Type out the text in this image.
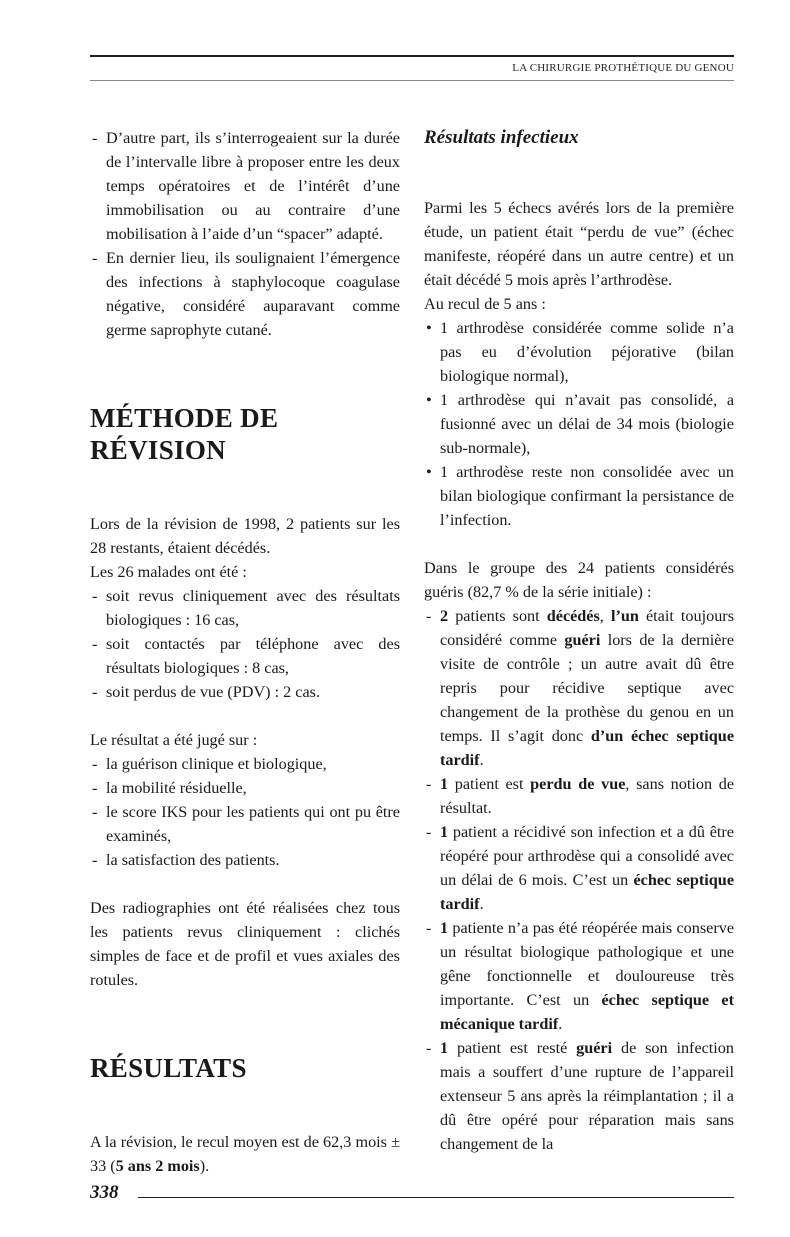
LA CHIRURGIE PROTHÉTIQUE DU GENOU
- D’autre part, ils s’interrogeaient sur la durée de l’intervalle libre à proposer entre les deux temps opératoires et de l’intérêt d’une immobilisation ou au contraire d’une mobilisation à l’aide d’un “spacer” adapté.
- En dernier lieu, ils soulignaient l’émergence des infections à staphylocoque coagulase négative, considéré auparavant comme germe saprophyte cutané.
MÉTHODE DE RÉVISION

Lors de la révision de 1998, 2 patients sur les 28 restants, étaient décédés.

Les 26 malades ont été :

- soit revus cliniquement avec des résultats biologiques : 16 cas,
- soit contactés par téléphone avec des résultats biologiques : 8 cas,
- soit perdus de vue (PDV) : 2 cas.

Le résultat a été jugé sur :

- la guérison clinique et biologique,
- la mobilité résiduelle,
- le score IKS pour les patients qui ont pu être examinés,
- la satisfaction des patients.

Des radiographies ont été réalisées chez tous les patients revus cliniquement : clichés simples de face et de profil et vues axiales des rotules.

RÉSULTATS

A la révision, le recul moyen est de 62,3 mois ± 33 (5 ans 2 mois).

Résultats infectieux

Parmi les 5 échecs avérés lors de la première étude, un patient était “perdu de vue” (échec manifeste, réopéré dans un autre centre) et un était décédé 5 mois après l’arthrodèse.

Au recul de 5 ans :

• 1 arthrodèse considérée comme solide n’a pas eu d’évolution péjorative (bilan biologique normal),
• 1 arthrodèse qui n’avait pas consolidé, a fusionné avec un délai de 34 mois (biologie sub-normale),
• 1 arthrodèse reste non consolidée avec un bilan biologique confirmant la persistance de l’infection.

Dans le groupe des 24 patients considérés guéris (82,7 % de la série initiale) :

- 2 patients sont décédés, l’un était toujours considéré comme guéri lors de la dernière visite de contrôle ; un autre avait dû être repris pour récidive septique avec changement de la prothèse du genou en un temps. Il s’agit donc d’un échec septique tardif.
- 1 patient est perdu de vue, sans notion de résultat.
- 1 patient a récidivé son infection et a dû être réopéré pour arthrodèse qui a consolidé avec un délai de 6 mois. C’est un échec septique tardif.
- 1 patiente n’a pas été réopérée mais conserve un résultat biologique pathologique et une gêne fonctionnelle et douloureuse très importante. C’est un échec septique et mécanique tardif.
- 1 patient est resté guéri de son infection mais a souffert d’une rupture de l’appareil extenseur 5 ans après la réimplantation ; il a dû être opéré pour réparation mais sans changement de la
338
